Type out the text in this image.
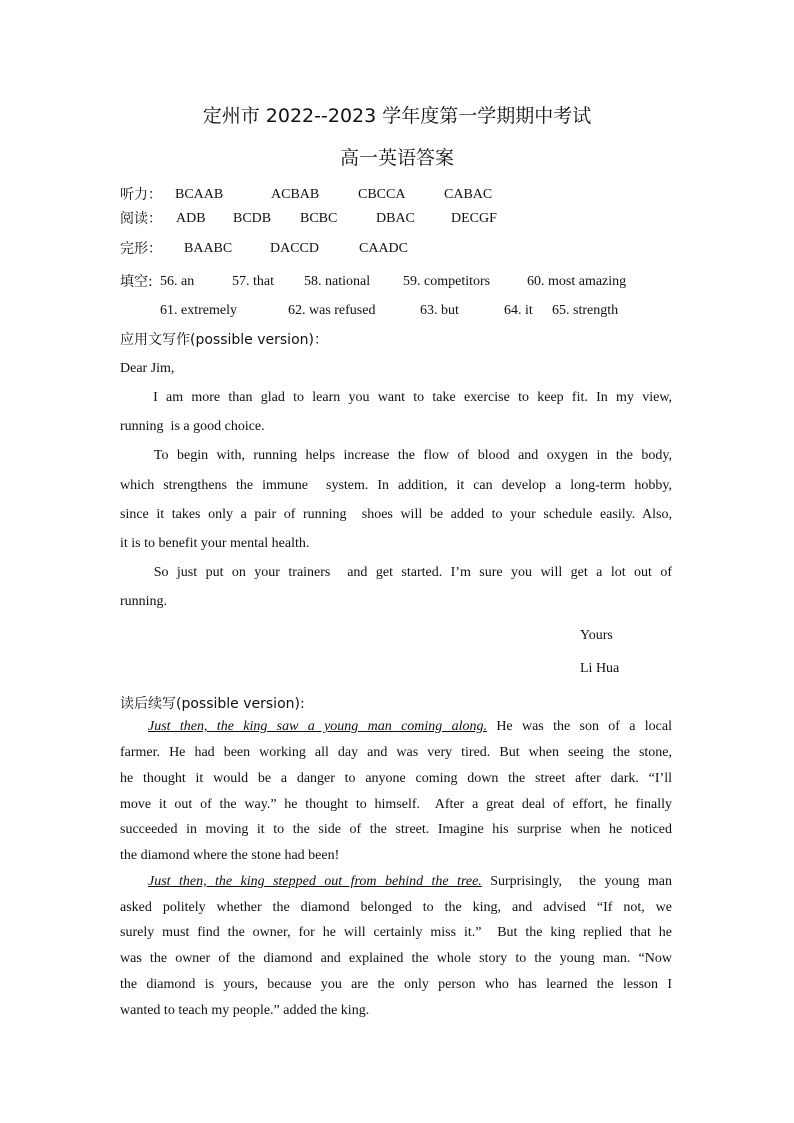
定州市 2022--2023 学年度第一学期期中考试
高一英语答案
听力： BCAAB	ACBAB	CBCCA	CABAC
阅读： ADB BCDB BCBC	DBAC	DECGF
完形： BAABC	DACCD	CAADC
填空: 56. an	57. that 58. national 59. competitors	60. most amazing
61. extremely	62. was refused	63. but	64. it 65. strength
应用文写作(possible version)：
Dear Jim,
I am more than glad to learn you want to take exercise to keep fit. In my view,
running  is a good choice.
To begin with, running helps increase the flow of blood and oxygen in the body,
which strengthens the immune  system. In addition, it can develop a long-term hobby,
since it takes only a pair of running  shoes will be added to your schedule easily. Also,
it is to benefit your mental health.
So just put on your trainers  and get started. I’m sure you will get a lot out of
running.
Yours
Li Hua
读后续写(possible version):
Just then, the king saw a young man coming along. He was the son of a local
farmer. He had been working all day and was very tired. But when seeing the stone,
he thought it would be a danger to anyone coming down the street after dark. “I’ll
move it out of the way.” he thought to himself.  After a great deal of effort, he finally
succeeded in moving it to the side of the street. Imagine his surprise when he noticed
the diamond where the stone had been!
Just then, the king stepped out from behind the tree. Surprisingly,  the young man
asked politely whether the diamond belonged to the king, and advised “If not, we
surely must find the owner, for he will certainly miss it.”  But the king replied that he
was the owner of the diamond and explained the whole story to the young man. “Now
the diamond is yours, because you are the only person who has learned the lesson I
wanted to teach my people.” added the king.
